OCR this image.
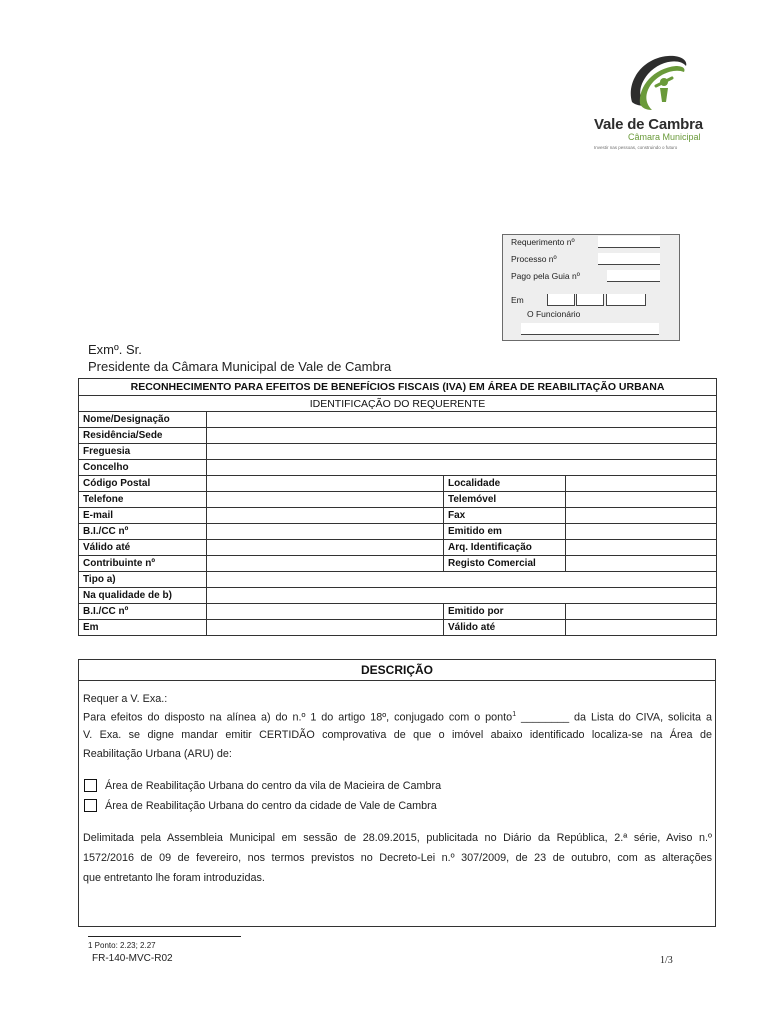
Vale de Cambra
Câmara Municipal
Investir nas pessoas, construindo o futuro
Requerimento nº
Processo nº
Pago pela Guia nº
Em
O Funcionário
Exmº. Sr.
Presidente da Câmara Municipal de Vale de Cambra
RECONHECIMENTO PARA EFEITOS DE BENEFÍCIOS FISCAIS (IVA) EM ÁREA DE REABILITAÇÃO URBANA			
IDENTIFICAÇÃO DO REQUERENTE			
Nome/Designação			
Residência/Sede			
Freguesia			
Concelho			
Código Postal		Localidade	
Telefone		Telemóvel	
E-mail		Fax	
B.I./CC nº		Emitido em	
Válido até		Arq. Identificação	
Contribuinte nº		Registo Comercial	
Tipo a)			
Na qualidade de b)			
B.I./CC nº		Emitido por	
Em		Válido até	
DESCRIÇÃO
Requer a V. Exa.:
Para efeitos do disposto na alínea a) do n.º 1 do artigo 18º, conjugado com o ponto$^1$ ________ da Lista do CIVA, solicita a
V. Exa. se digne mandar emitir CERTIDÃO comprovativa de que o imóvel abaixo identificado localiza-se na Área de
Reabilitação Urbana (ARU) de:
Área de Reabilitação Urbana do centro da vila de Macieira de Cambra
Área de Reabilitação Urbana do centro da cidade de Vale de Cambra
Delimitada pela Assembleia Municipal em sessão de 28.09.2015, publicitada no Diário da República, 2.ª série, Aviso n.º
1572/2016 de 09 de fevereiro, nos termos previstos no Decreto-Lei n.º 307/2009, de 23 de outubro, com as alterações
que entretanto lhe foram introduzidas.
1 Ponto: 2.23; 2.27
FR-140-MVC-R02	1/3
